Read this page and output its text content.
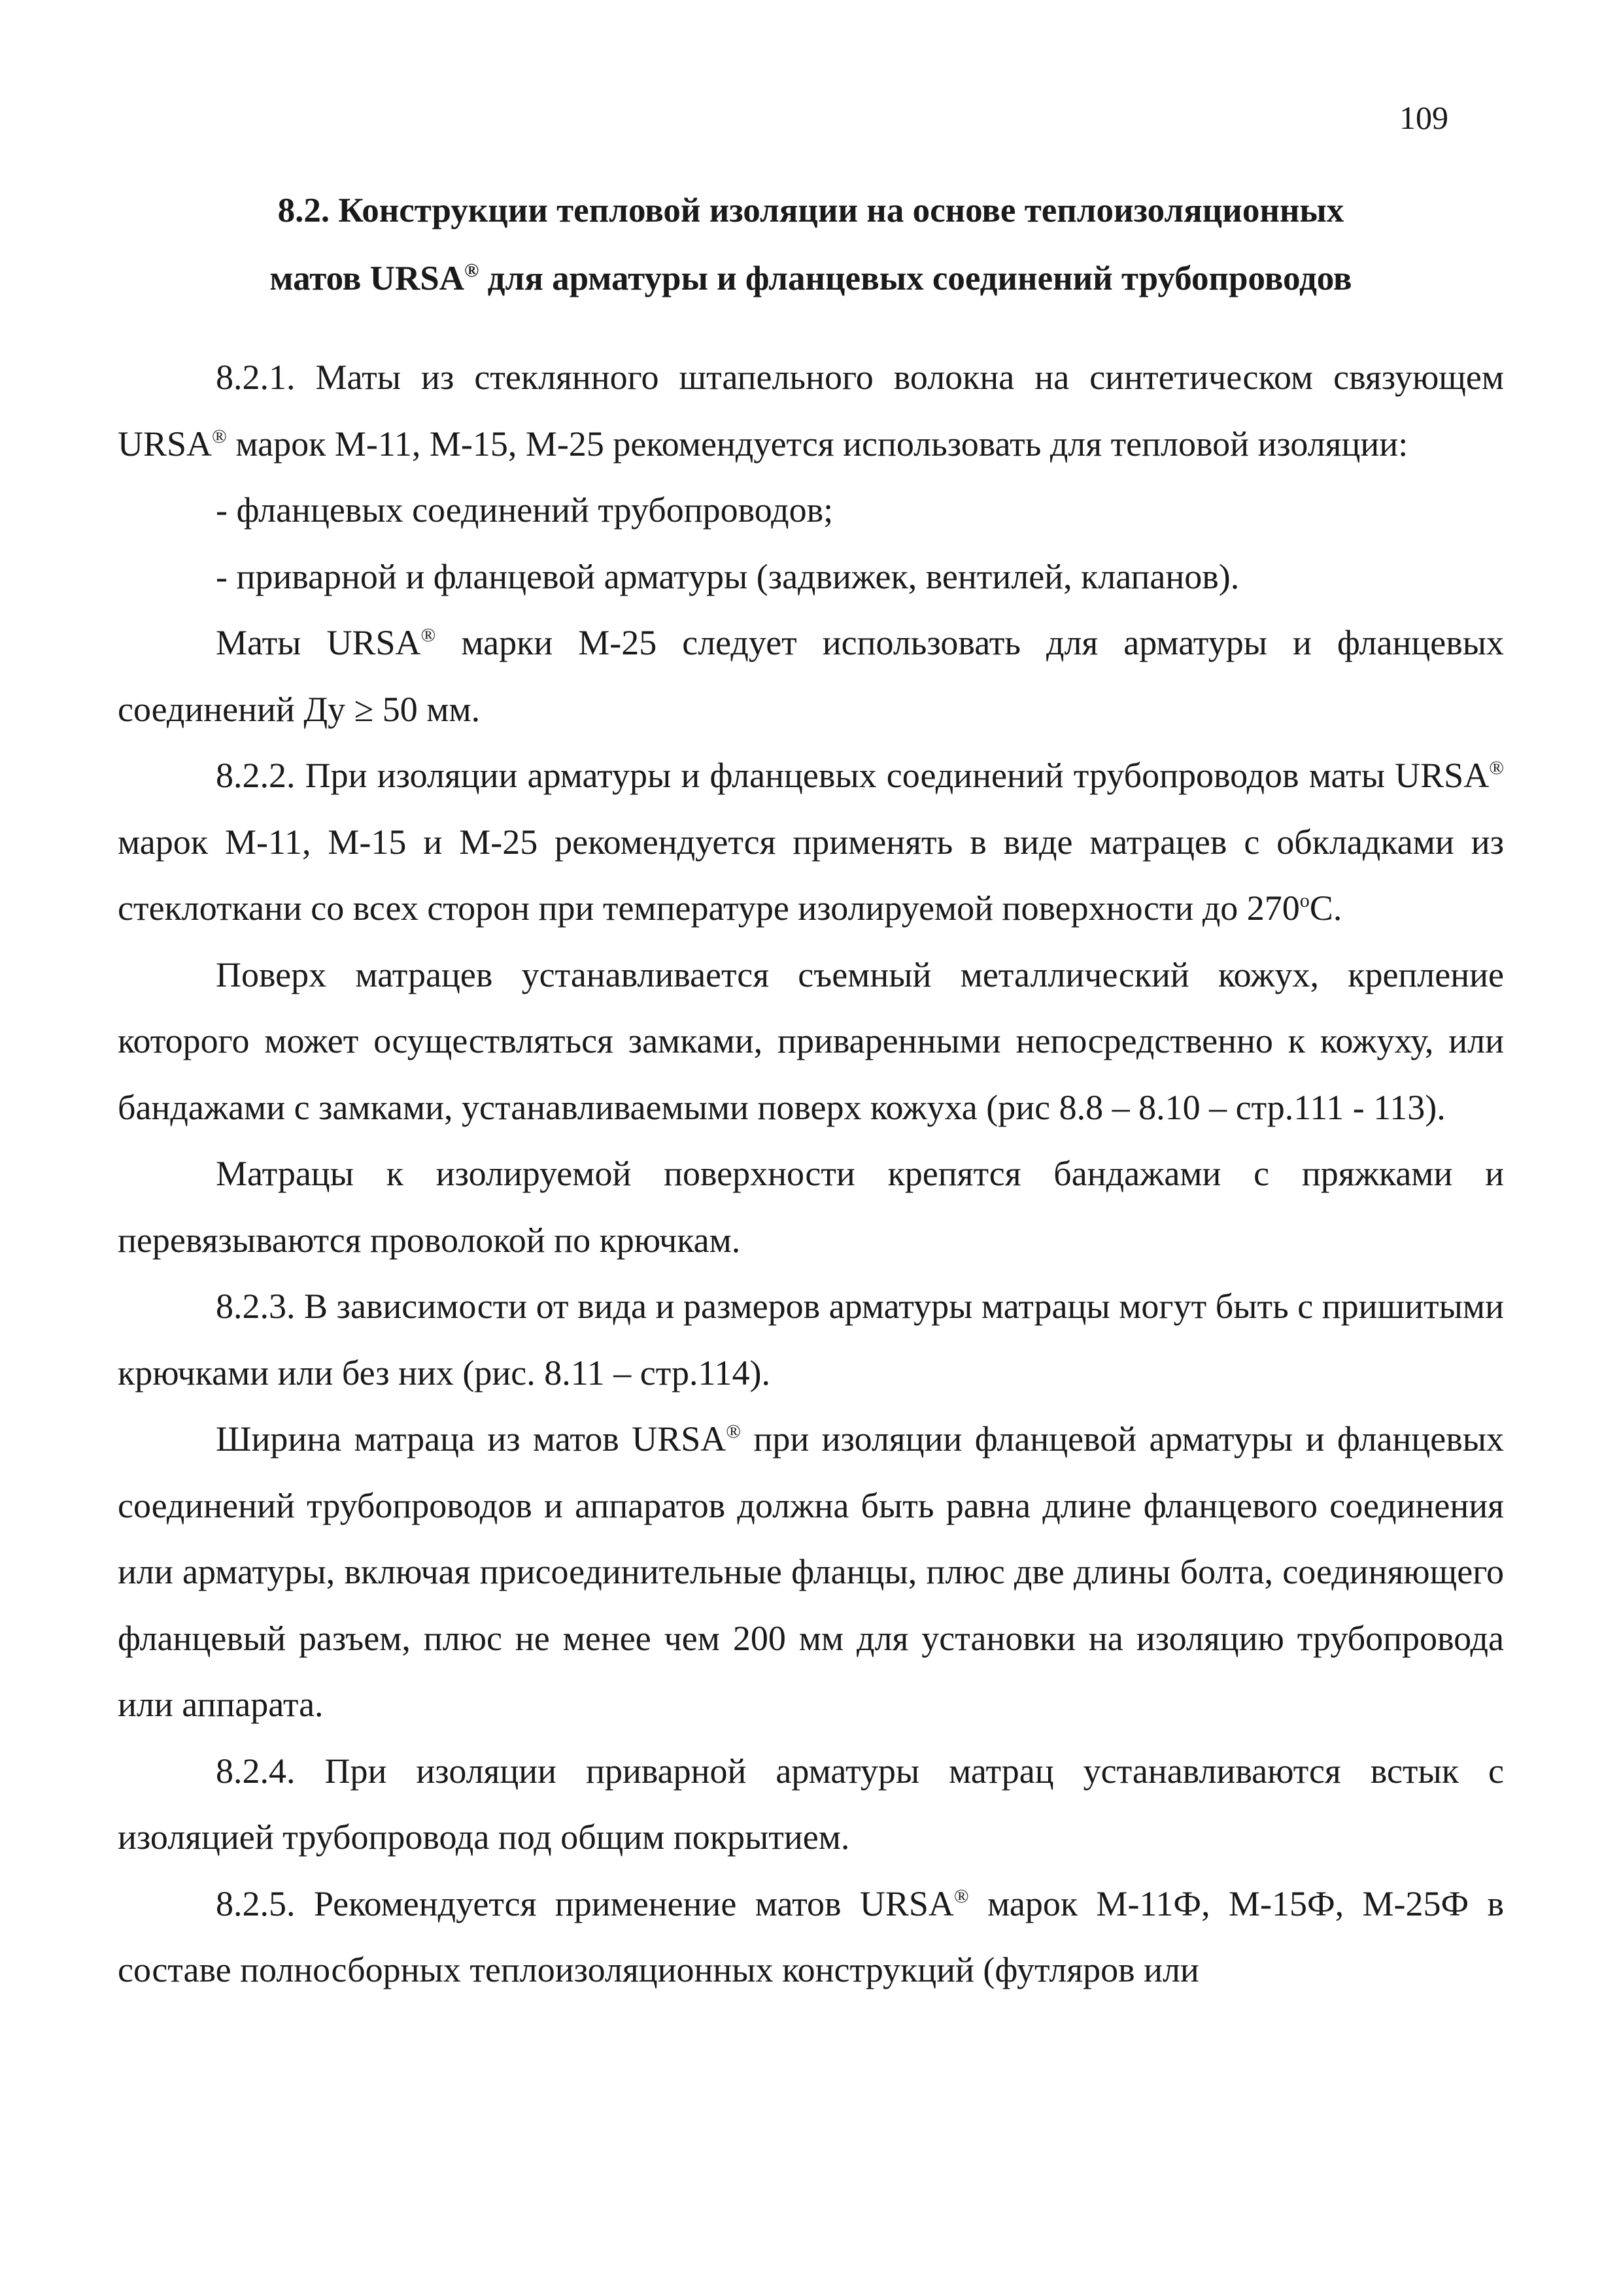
109
8.2. Конструкции тепловой изоляции на основе теплоизоляционных
матов URSA® для арматуры и фланцевых соединений трубопроводов

8.2.1. Маты из стеклянного штапельного волокна на синтетическом связующем URSA® марок М-11, М-15, М-25 рекомендуется использовать для тепловой изоляции:

- фланцевых соединений трубопроводов;

- приварной и фланцевой арматуры (задвижек, вентилей, клапанов).

Маты URSA® марки М-25 следует использовать для арматуры и фланцевых соединений Ду ≥ 50 мм.

8.2.2. При изоляции арматуры и фланцевых соединений трубопроводов маты URSA® марок М-11, М-15 и М-25 рекомендуется применять в виде матрацев с обкладками из стеклоткани со всех сторон при температуре изолируемой поверхности до $270^оС$.

Поверх матрацев устанавливается съемный металлический кожух, крепление которого может осуществляться замками, приваренными непосредственно к кожуху, или бандажами с замками, устанавливаемыми поверх кожуха (рис 8.8 – 8.10 – стр.111 - 113).

Матрацы к изолируемой поверхности крепятся бандажами с пряжками и перевязываются проволокой по крючкам.

8.2.3. В зависимости от вида и размеров арматуры матрацы могут быть с пришитыми крючками или без них (рис. 8.11 – стр.114).

Ширина матраца из матов URSA® при изоляции фланцевой арматуры и фланцевых соединений трубопроводов и аппаратов должна быть равна длине фланцевого соединения или арматуры, включая присоединительные фланцы, плюс две длины болта, соединяющего фланцевый разъем, плюс не менее чем 200 мм для установки на изоляцию трубопровода или аппарата.

8.2.4. При изоляции приварной арматуры матрац устанавливаются встык с изоляцией трубопровода под общим покрытием.

8.2.5. Рекомендуется применение матов URSA® марок М-11Ф, М-15Ф, М-25Ф в составе полносборных теплоизоляционных конструкций (футляров или
